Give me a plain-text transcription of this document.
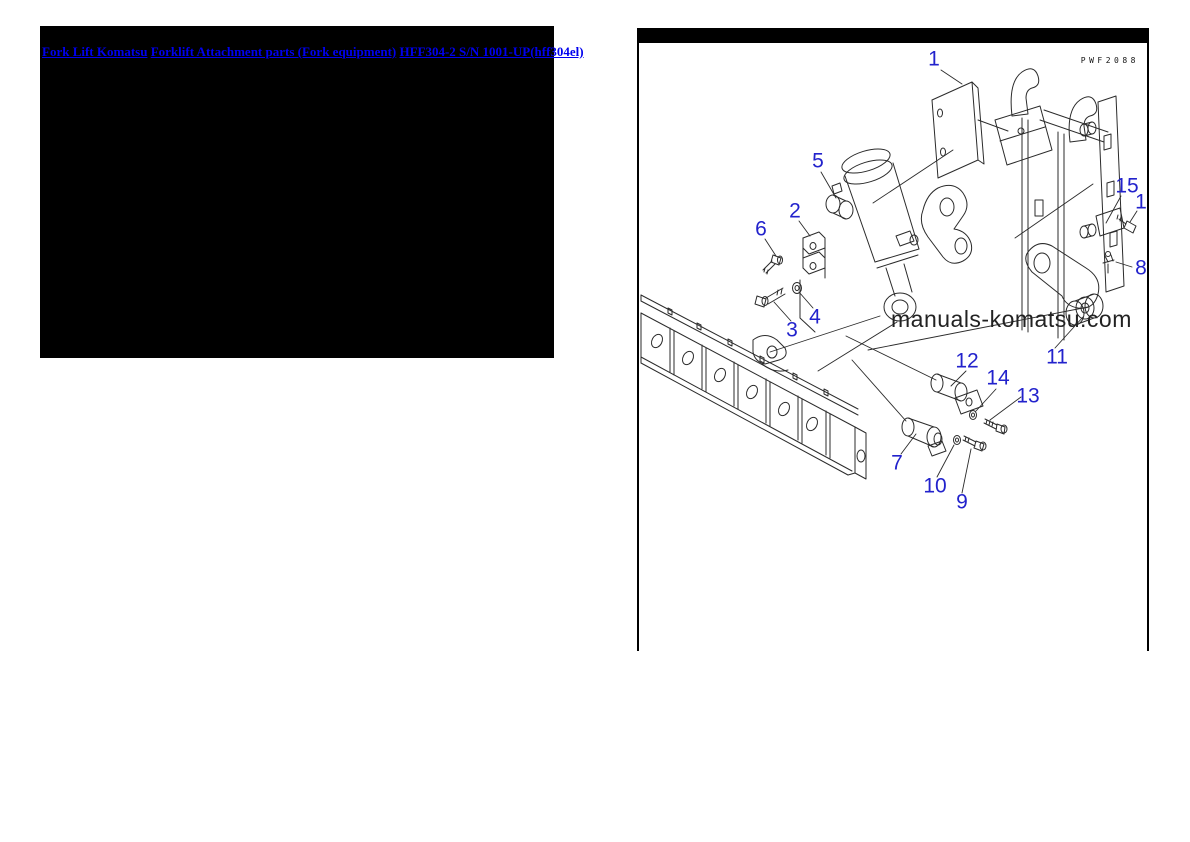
Fork Lift Komatsu Forklift Attachment parts (Fork equipment) HFF304-2 S/N 1001-UP(hff304el)
PWF2088
manuals-komatsu.com
1
5
2
6
3
4
15
1
8
11
12
14
13
7
10
9
